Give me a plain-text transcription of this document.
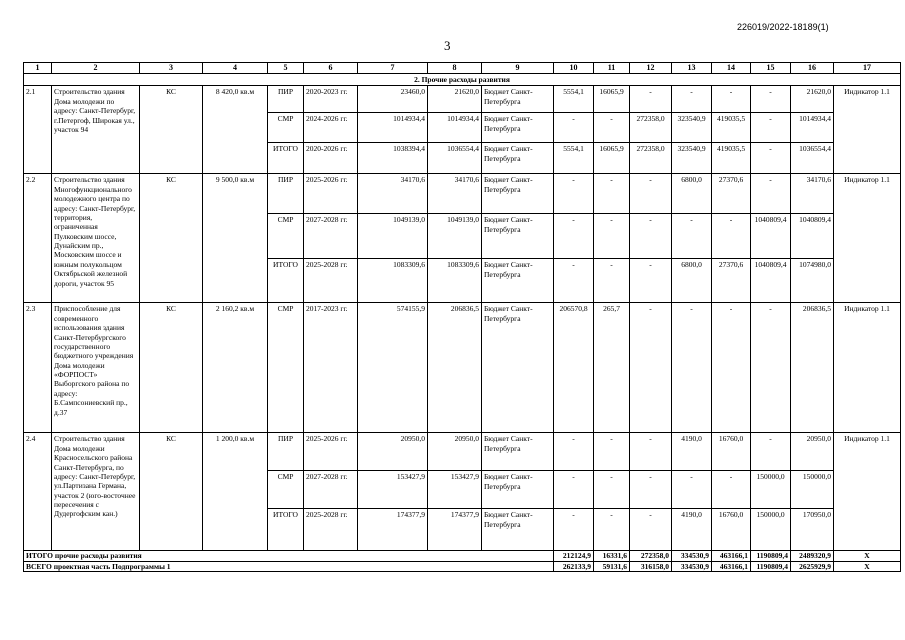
226019/2022-18189(1)
3
1	2	3	4	5	6	7	8	9	10	11	12	13	14	15	16	17
2. Прочие расходы развития																
2.1	Строительство здания Дома молодежи по адресу: Санкт-Петербург, г.Петергоф, Широкая ул., участок 94	КС	8 420,0 кв.м	ПИР	2020-2023 гг.	23460,0	21620,0	Бюджет Санкт-Петербурга	5554,1	16065,9	-	-	-	-	21620,0	Индикатор 1.1
				СМР	2024-2026 гг.	1014934,4	1014934,4	Бюджет Санкт-Петербурга	-	-	272358,0	323540,9	419035,5	-	1014934,4	
				ИТОГО	2020-2026 гг.	1038394,4	1036554,4	Бюджет Санкт-Петербурга	5554,1	16065,9	272358,0	323540,9	419035,5	-	1036554,4	
2.2	Строительство здания Многофункционального молодежного центра по адресу: Санкт-Петербург, территория, ограниченная Пулковским шоссе, Дунайским пр., Московским шоссе и южным полукольцом Октябрьской железной дороги, участок 95	КС	9 500,0 кв.м	ПИР	2025-2026 гг.	34170,6	34170,6	Бюджет Санкт-Петербурга	-	-	-	6800,0	27370,6	-	34170,6	Индикатор 1.1
				СМР	2027-2028 гг.	1049139,0	1049139,0	Бюджет Санкт-Петербурга	-	-	-	-	-	1040809,4	1040809,4	
				ИТОГО	2025-2028 гг.	1083309,6	1083309,6	Бюджет Санкт-Петербурга	-	-	-	6800,0	27370,6	1040809,4	1074980,0	
2.3	Приспособление для современного использования здания Санкт-Петербургского государственного бюджетного учреждения Дома молодежи «ФОРПОСТ» Выборгского района по адресу: Б.Сампсониевский пр., д.37	КС	2 160,2 кв.м	СМР	2017-2023 гг.	574155,9	206836,5	Бюджет Санкт-Петербурга	206570,8	265,7	-	-	-	-	206836,5	Индикатор 1.1
2.4	Строительство здания Дома молодежи Красносельского района Санкт-Петербурга, по адресу: Санкт-Петербург, ул.Партизана Германа, участок 2 (юго-восточнее пересечения с Дудергофским кан.)	КС	1 200,0 кв.м	ПИР	2025-2026 гг.	20950,0	20950,0	Бюджет Санкт-Петербурга	-	-	-	4190,0	16760,0	-	20950,0	Индикатор 1.1
				СМР	2027-2028 гг.	153427,9	153427,9	Бюджет Санкт-Петербурга	-	-	-	-	-	150000,0	150000,0	
				ИТОГО	2025-2028 гг.	174377,9	174377,9	Бюджет Санкт-Петербурга	-	-	-	4190,0	16760,0	150000,0	170950,0	
ИТОГО прочие расходы развития									212124,9	16331,6	272358,0	334530,9	463166,1	1190809,4	2489320,9	X
ВСЕГО проектная часть Подпрограммы 1									262133,9	59131,6	316158,0	334530,9	463166,1	1190809,4	2625929,9	X
